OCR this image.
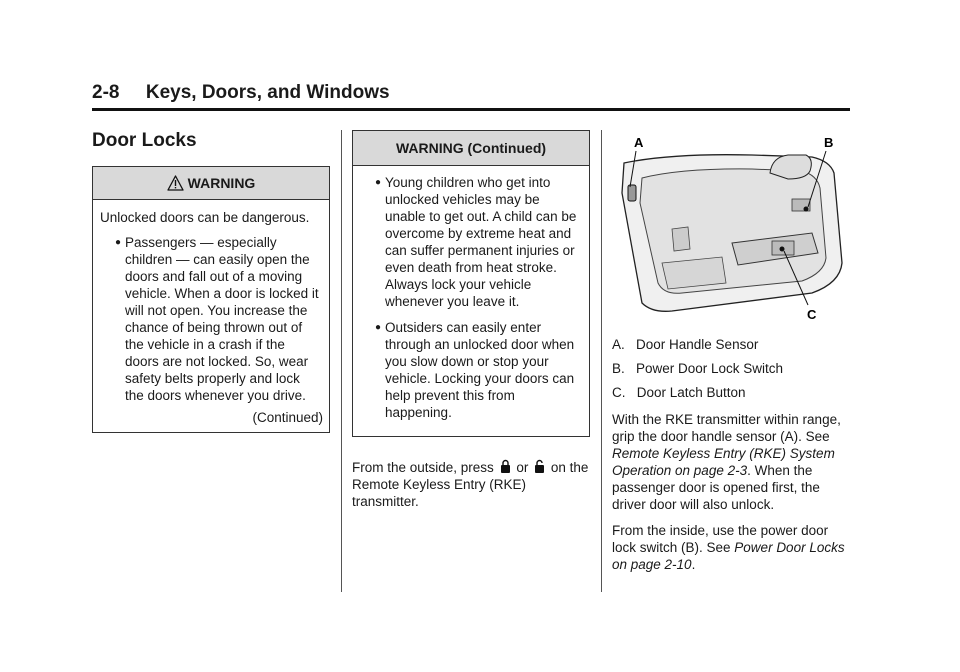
2-8     Keys, Doors, and Windows
Door Locks
WARNING

Unlocked doors can be dangerous.

● Passengers — especially children — can easily open the doors and fall out of a moving vehicle. When a door is locked it will not open. You increase the chance of being thrown out of the vehicle in a crash if the doors are not locked. So, wear safety belts properly and lock the doors whenever you drive.
(Continued)
WARNING (Continued)
● Young children who get into unlocked vehicles may be unable to get out. A child can be overcome by extreme heat and can suffer permanent injuries or even death from heat stroke. Always lock your vehicle whenever you leave it.
● Outsiders can easily enter through an unlocked door when you slow down or stop your vehicle. Locking your doors can help prevent this from happening.

From the outside, press  or  on the Remote Keyless Entry (RKE) transmitter.

A	B
C
A.   Door Handle Sensor
B.   Power Door Lock Switch
C.   Door Latch Button

With the RKE transmitter within range, grip the door handle sensor (A). See Remote Keyless Entry (RKE) System Operation on page 2-3. When the passenger door is opened first, the driver door will also unlock.

From the inside, use the power door lock switch (B). See Power Door Locks on page 2-10.
